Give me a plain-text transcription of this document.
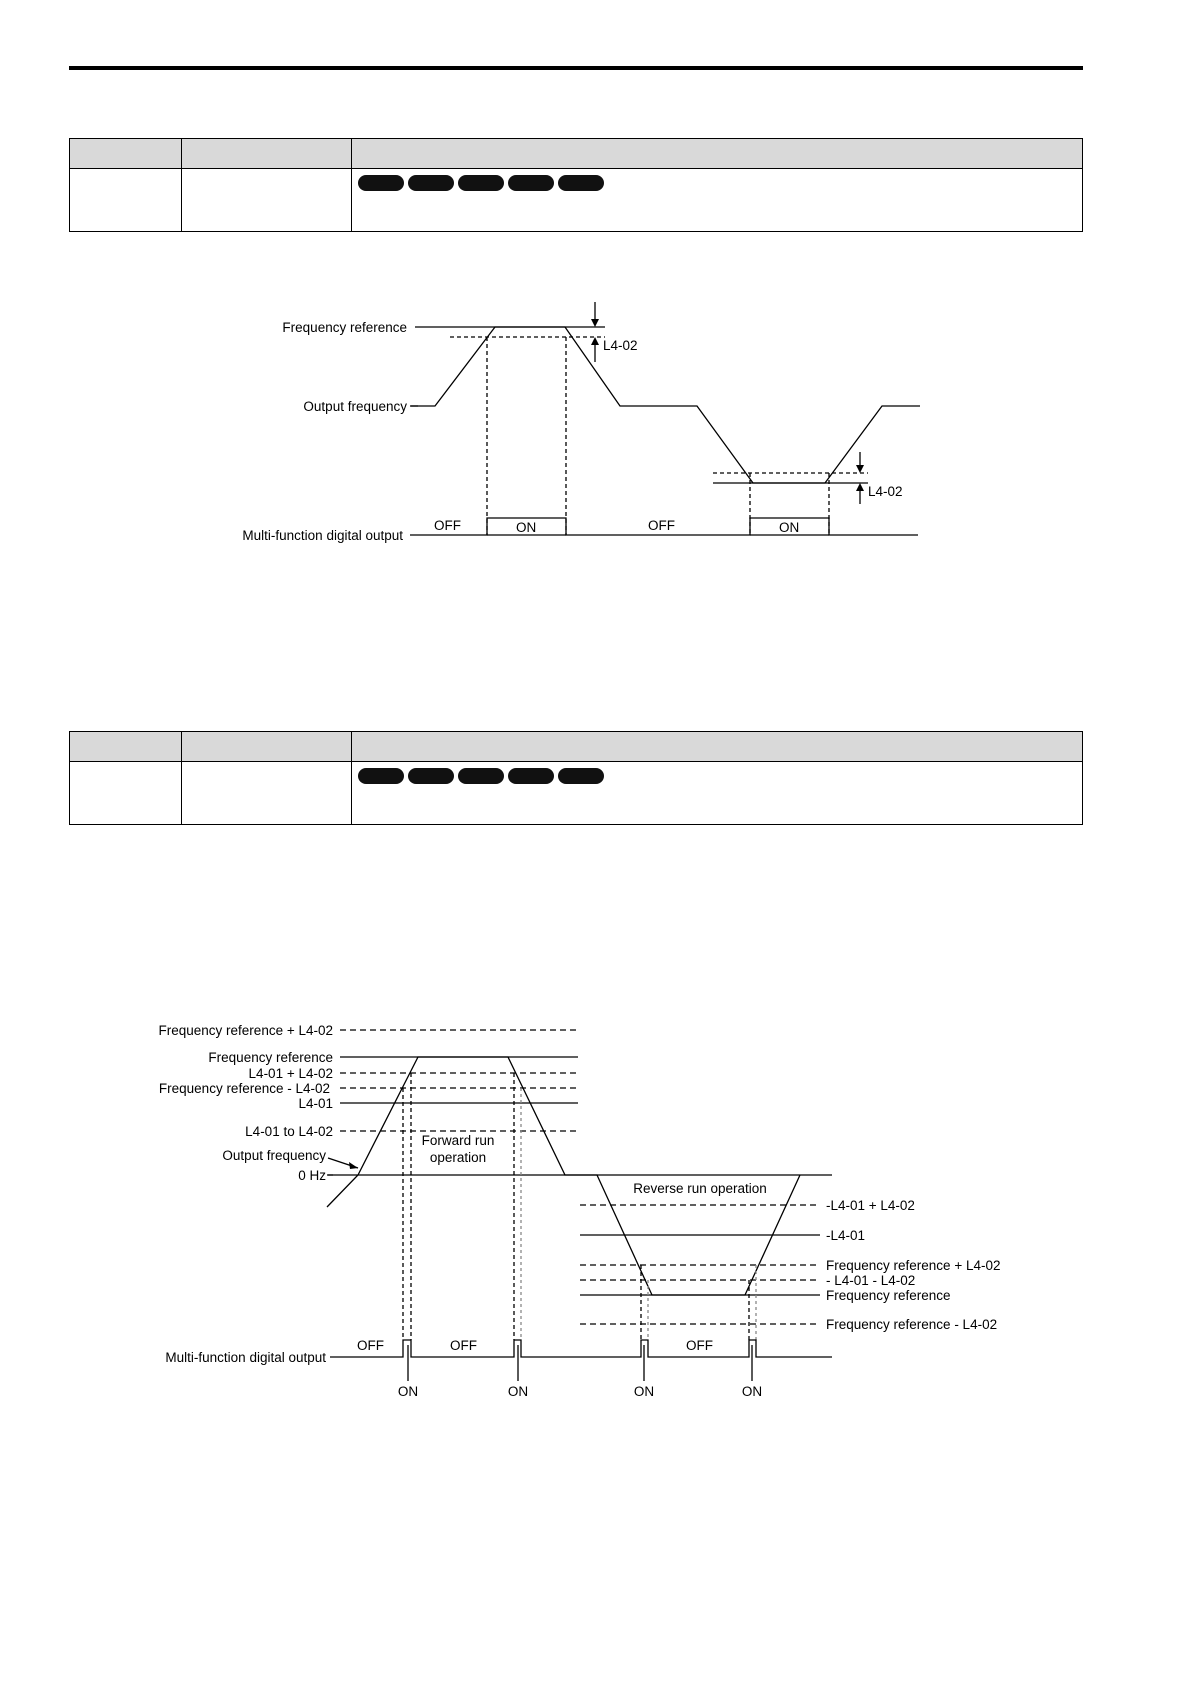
Frequency reference
Output frequency
Multi-function digital output
L4-02
L4-02
OFF	ON	OFF	ON
Frequency reference + L4-02
Frequency reference
L4-01 + L4-02
Frequency reference - L4-02
L4-01
L4-01 to L4-02
Output frequency
0 Hz
Forward run
operation
Reverse run operation
-L4-01 + L4-02
-L4-01
Frequency reference + L4-02
- L4-01 - L4-02
Frequency reference
Frequency reference - L4-02
Multi-function digital output
OFF	OFF	OFF
ON	ON	ON	ON
